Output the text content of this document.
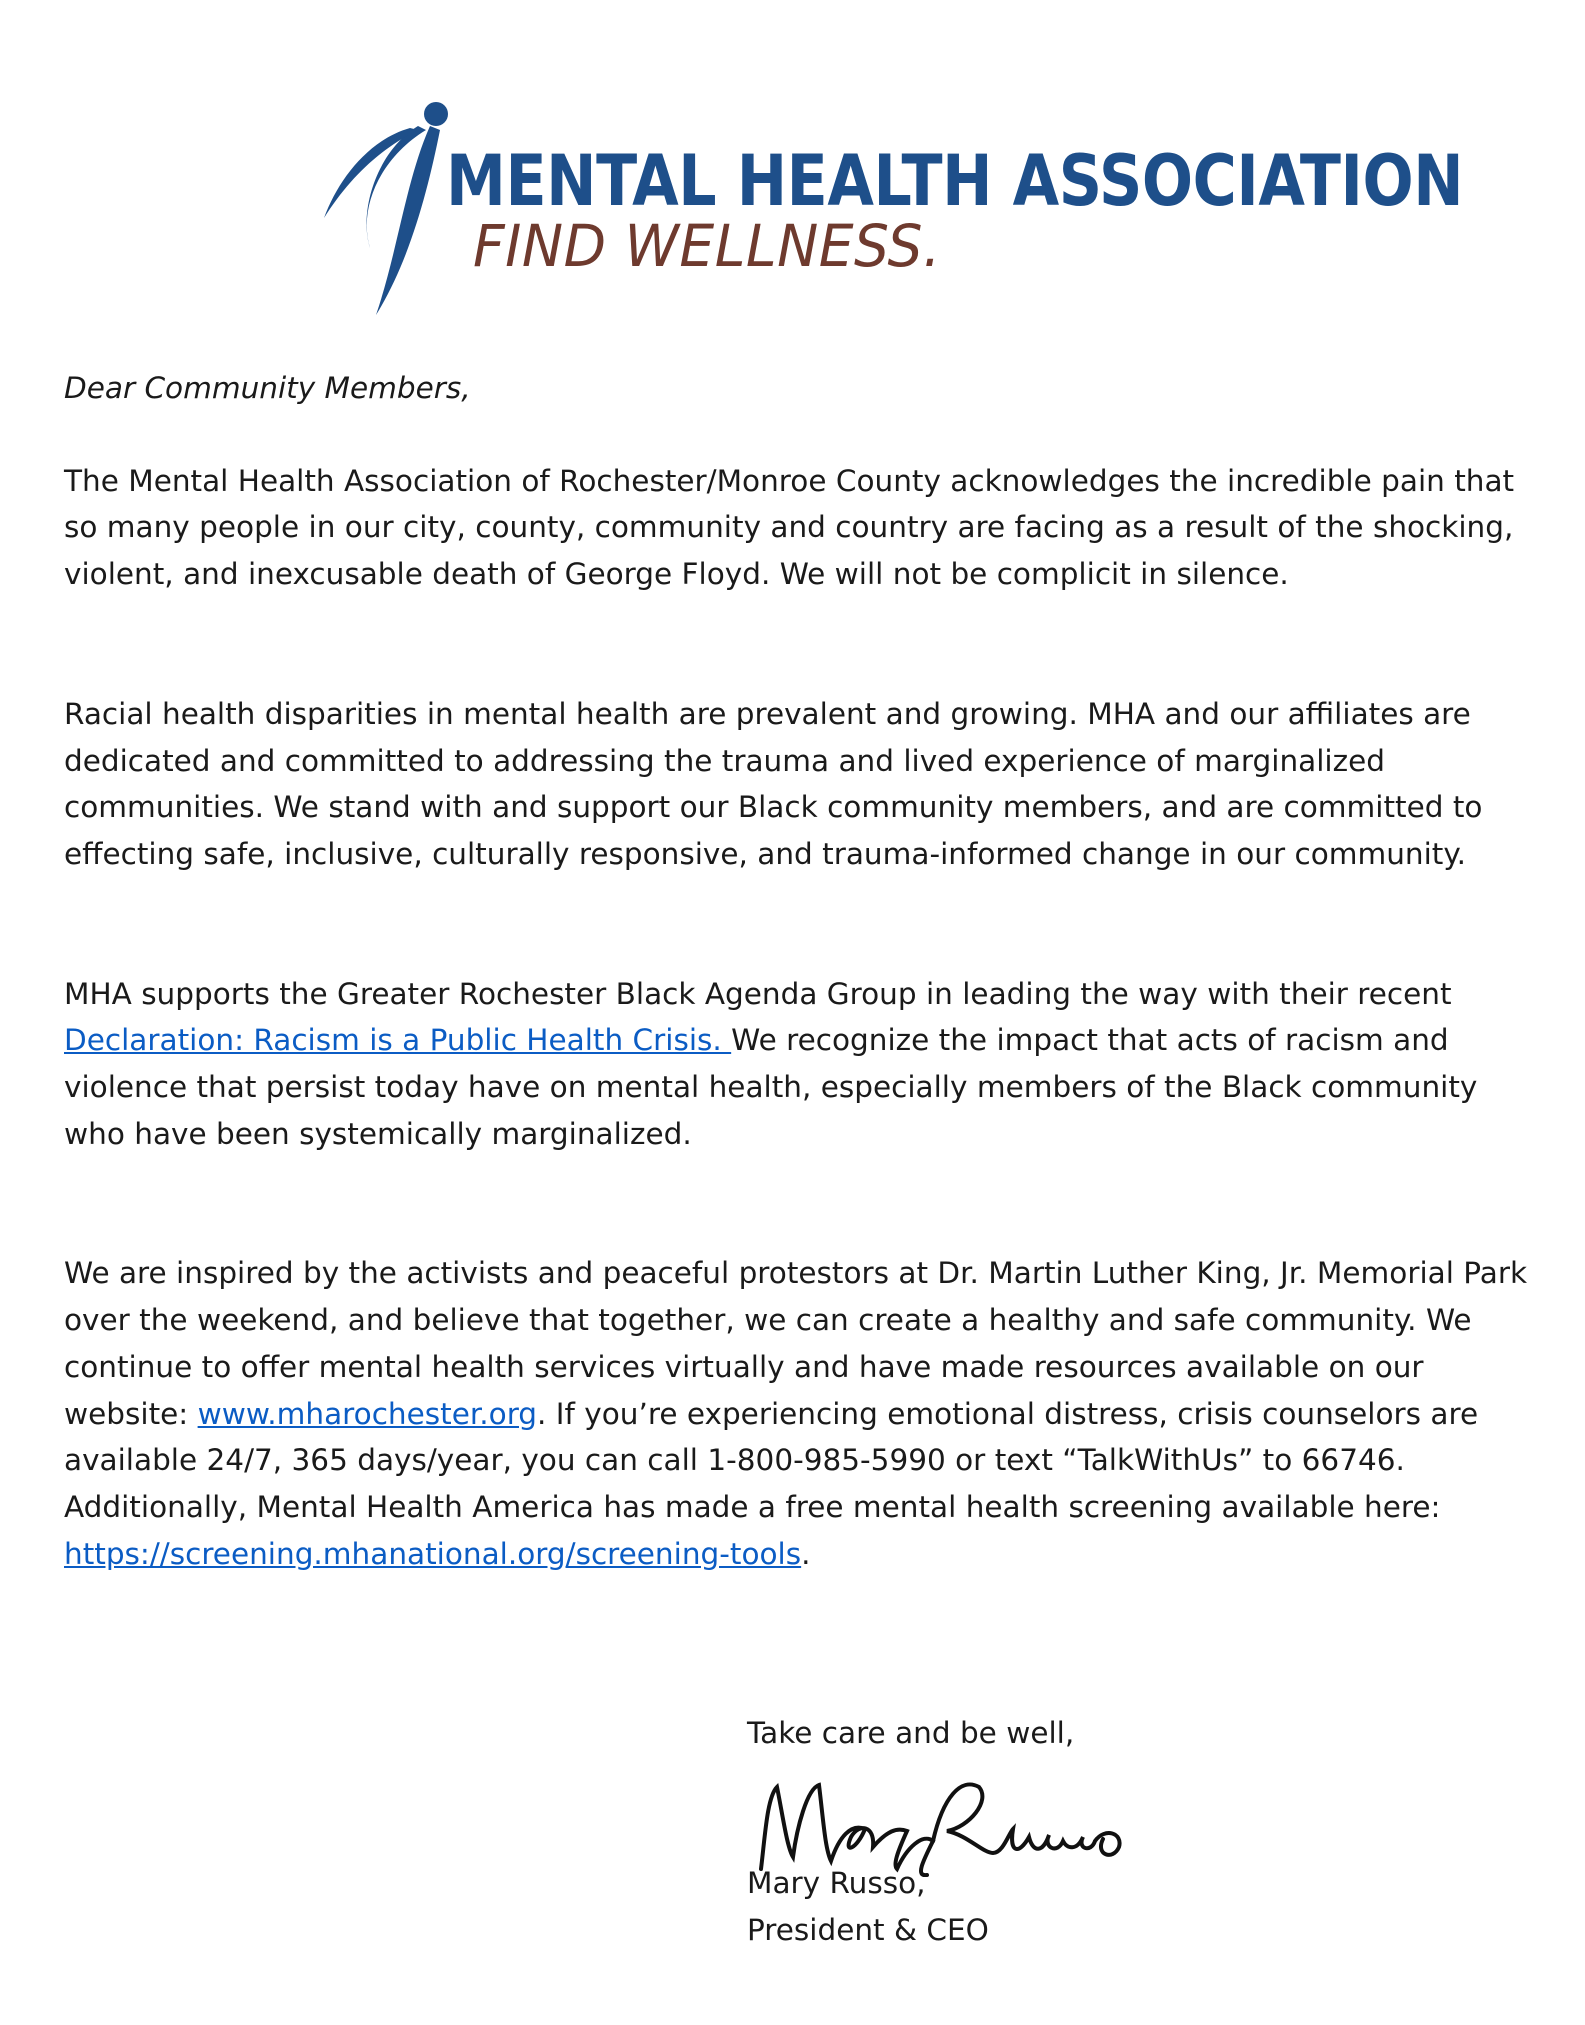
MENTAL HEALTH ASSOCIATION

FIND WELLNESS.

Dear Community Members,

The Mental Health Association of Rochester/Monroe County acknowledges the incredible pain that so many people in our city, county, community and country are facing as a result of the shocking, violent, and inexcusable death of George Floyd. We will not be complicit in silence.

Racial health disparities in mental health are prevalent and growing. MHA and our affiliates are dedicated and committed to addressing the trauma and lived experience of marginalized communities. We stand with and support our Black community members, and are committed to effecting safe, inclusive, culturally responsive, and trauma-informed change in our community.

MHA supports the Greater Rochester Black Agenda Group in leading the way with their recent Declaration: Racism is a Public Health Crisis. We recognize the impact that acts of racism and violence that persist today have on mental health, especially members of the Black community who have been systemically marginalized.

We are inspired by the activists and peaceful protestors at Dr. Martin Luther King, Jr. Memorial Park over the weekend, and believe that together, we can create a healthy and safe community. We continue to offer mental health services virtually and have made resources available on our website: www.mharochester.org. If you’re experiencing emotional distress, crisis counselors are available 24/7, 365 days/year, you can call 1-800-985-5990 or text “TalkWithUs” to 66746. Additionally, Mental Health America has made a free mental health screening available here: https://screening.mhanational.org/screening-tools.

Take care and be well,

Mary Russo,

President & CEO
